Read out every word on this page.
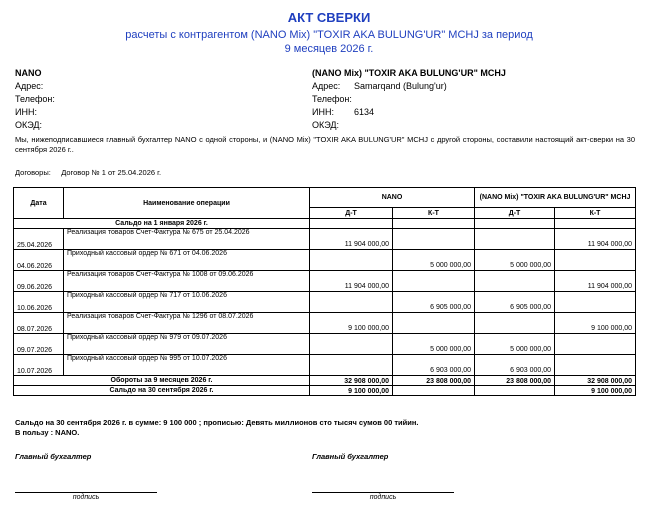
АКТ СВЕРКИ
расчеты с контрагентом (NANO Mix) "TOXIR AKA BULUNG'UR" MCHJ за период
9 месяцев 2026 г.
NANO
Адрес:
Телефон:
ИНН:
ОКЭД:
(NANO Mix) "TOXIR AKA BULUNG'UR" MCHJ
Адрес: Samarqand (Bulung'ur)
Телефон:
ИНН: 6134
ОКЭД:
Мы, нижеподписавшиеся главный бухгалтер NANO с одной стороны, и (NANO Mix) "TOXIR AKA BULUNG'UR" MCHJ с другой стороны, составили настоящий акт-сверки на 30 сентября 2026 г..
Договоры: Договор № 1 от 25.04.2026 г.
Дата	Наименование операции	NANO		(NANO Mix) "TOXIR AKA BULUNG'UR" MCHJ	
		Д-Т	К-Т	Д-Т	К-Т
Сальдо на 1 января 2026 г.					
25.04.2026	Реализация товаров Счет-Фактура № 675 от 25.04.2026	11 904 000,00			11 904 000,00
04.06.2026	Приходный кассовый ордер № 671 от 04.06.2026		5 000 000,00	5 000 000,00	
09.06.2026	Реализация товаров Счет-Фактура № 1008 от 09.06.2026	11 904 000,00			11 904 000,00
10.06.2026	Приходный кассовый ордер № 717 от 10.06.2026		6 905 000,00	6 905 000,00	
08.07.2026	Реализация товаров Счет-Фактура № 1296 от 08.07.2026	9 100 000,00			9 100 000,00
09.07.2026	Приходный кассовый ордер № 979 от 09.07.2026		5 000 000,00	5 000 000,00	
10.07.2026	Приходный кассовый ордер № 995 от 10.07.2026		6 903 000,00	6 903 000,00	
Обороты за 9 месяцев 2026 г.		32 908 000,00	23 808 000,00	23 808 000,00	32 908 000,00
Сальдо на 30 сентября 2026 г.		9 100 000,00			9 100 000,00
Сальдо на 30 сентября 2026 г. в сумме: 9 100 000 ; прописью: Девять миллионов сто тысяч сумов 00 тийин.
В пользу : NANO.
Главный бухгалтер	Главный бухгалтер
подпись	подпись
